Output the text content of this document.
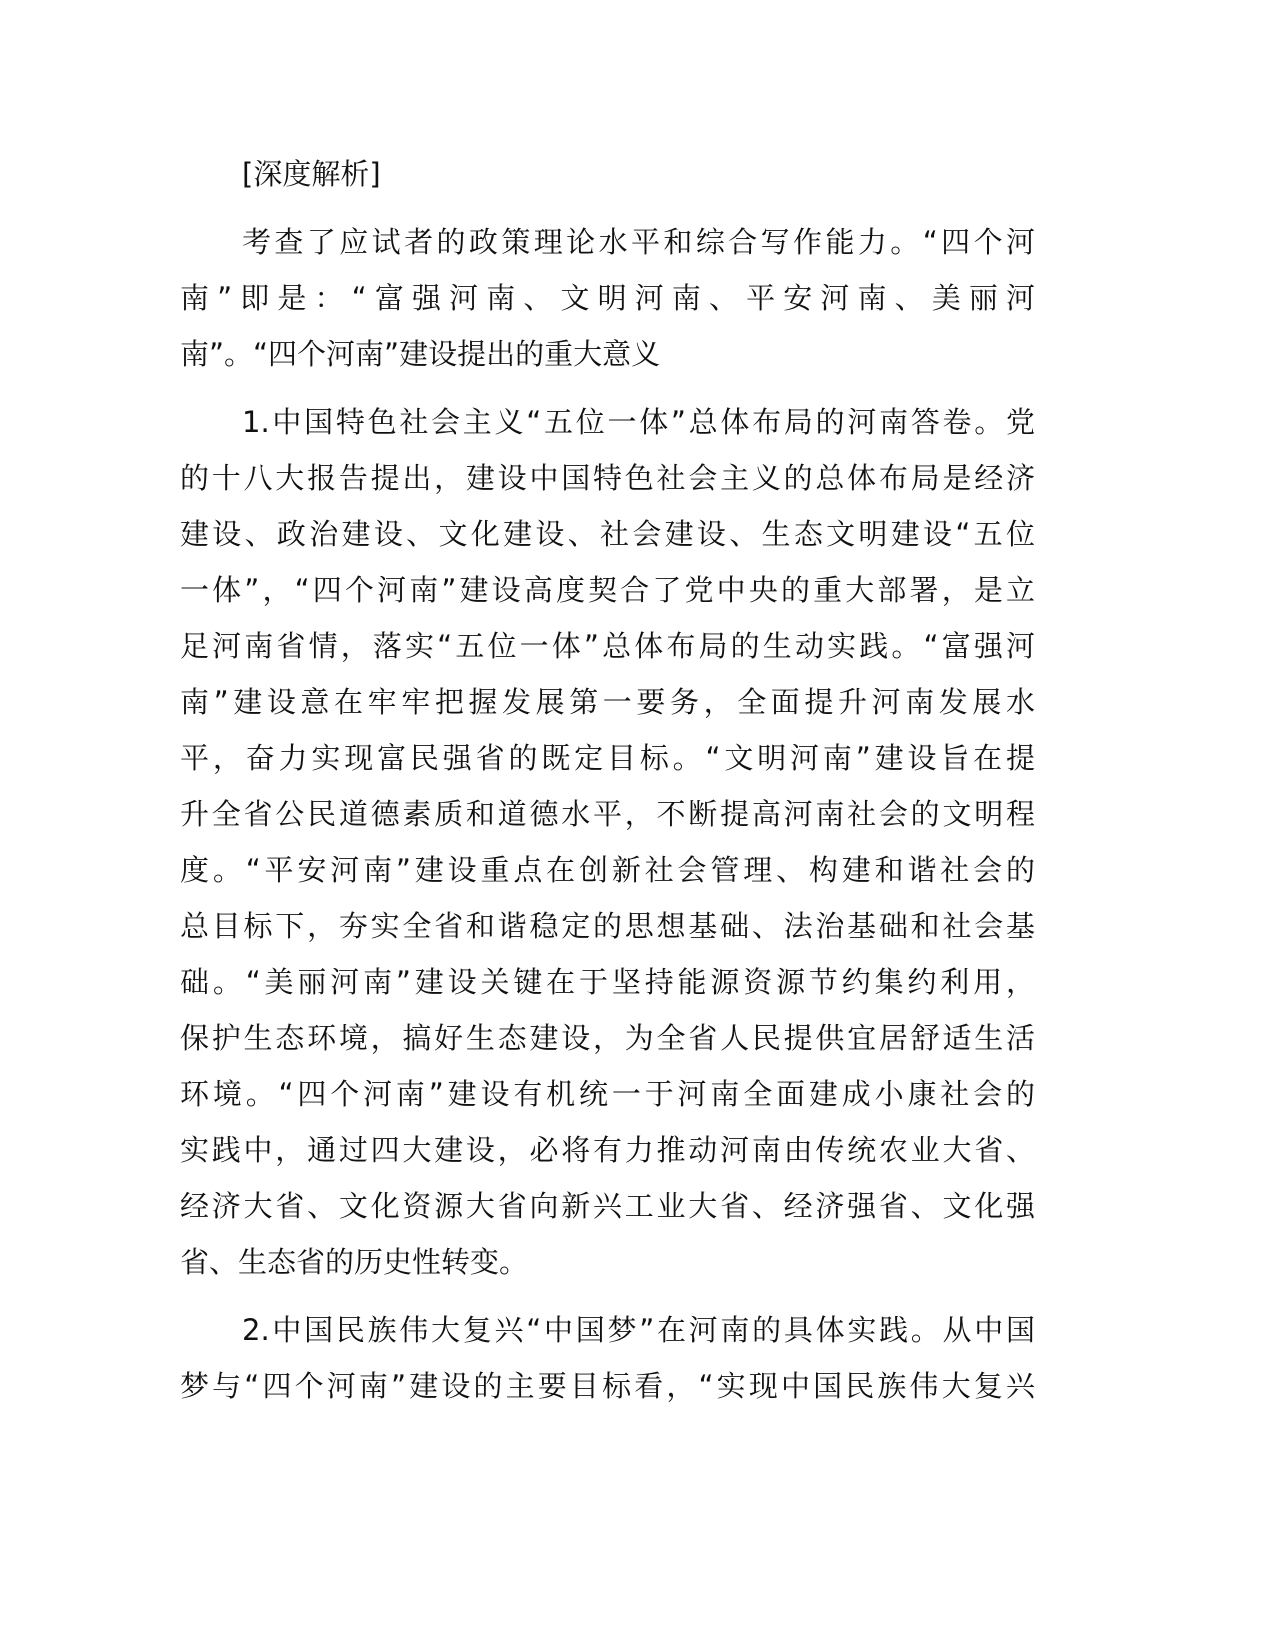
[深度解析]
考查了应试者的政策理论水平和综合写作能力。“四个河
南”即是：“富强河南、文明河南、平安河南、美丽河
南”。“四个河南”建设提出的重大意义
1.中国特色社会主义“五位一体”总体布局的河南答卷。党
的十八大报告提出，建设中国特色社会主义的总体布局是经济
建设、政治建设、文化建设、社会建设、生态文明建设“五位
一体”，“四个河南”建设高度契合了党中央的重大部署，是立
足河南省情，落实“五位一体”总体布局的生动实践。“富强河
南”建设意在牢牢把握发展第一要务，全面提升河南发展水
平，奋力实现富民强省的既定目标。“文明河南”建设旨在提
升全省公民道德素质和道德水平，不断提高河南社会的文明程
度。“平安河南”建设重点在创新社会管理、构建和谐社会的
总目标下，夯实全省和谐稳定的思想基础、法治基础和社会基
础。“美丽河南”建设关键在于坚持能源资源节约集约利用，
保护生态环境，搞好生态建设，为全省人民提供宜居舒适生活
环境。“四个河南”建设有机统一于河南全面建成小康社会的
实践中，通过四大建设，必将有力推动河南由传统农业大省、
经济大省、文化资源大省向新兴工业大省、经济强省、文化强
省、生态省的历史性转变。
2.中国民族伟大复兴“中国梦”在河南的具体实践。从中国
梦与“四个河南”建设的主要目标看，“实现中国民族伟大复兴
